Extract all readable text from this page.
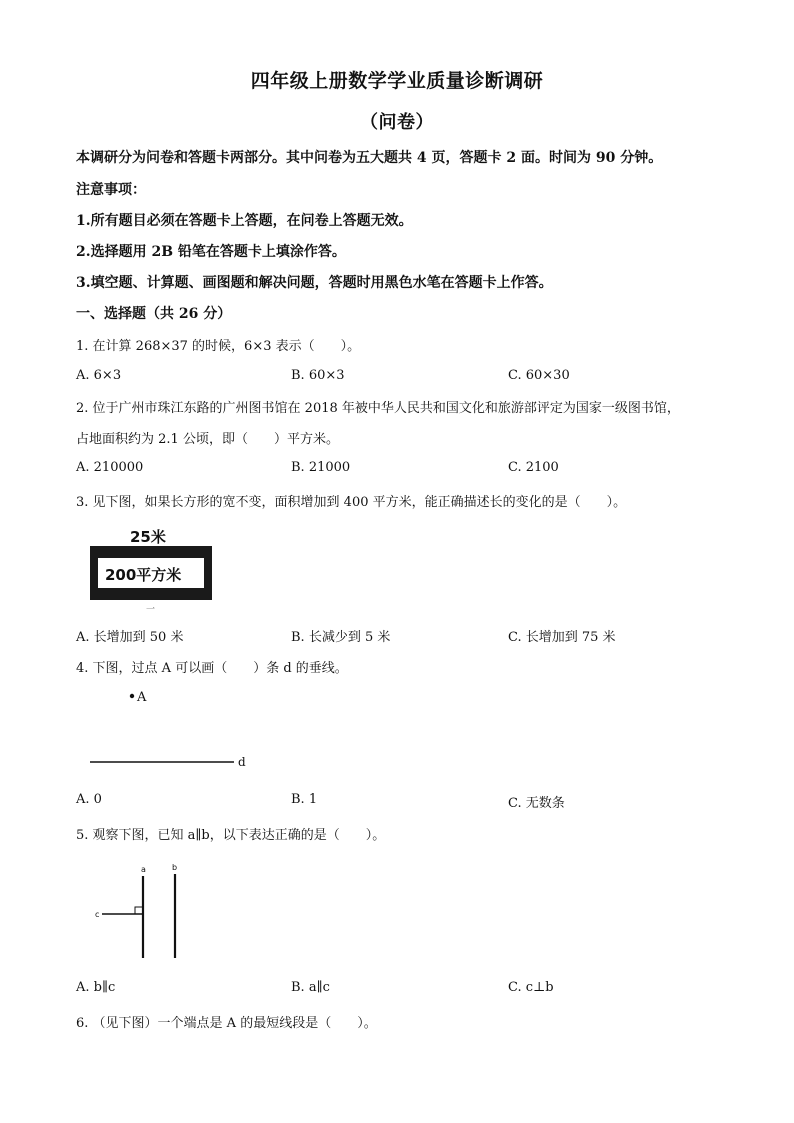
四年级上册数学学业质量诊断调研
（问卷）
本调研分为问卷和答题卡两部分。其中问卷为五大题共 4 页，答题卡 2 面。时间为 90 分钟。
注意事项：
1.所有题目必须在答题卡上答题，在问卷上答题无效。
2.选择题用 2B 铅笔在答题卡上填涂作答。
3.填空题、计算题、画图题和解决问题，答题时用黑色水笔在答题卡上作答。
一、选择题（共 26 分）
1. 在计算 268×37 的时候，6×3 表示（　　）。
A. 6×3	B. 60×3	C. 60×30
2. 位于广州市珠江东路的广州图书馆在 2018 年被中华人民共和国文化和旅游部评定为国家一级图书馆，
占地面积约为 2.1 公顷，即（　　）平方米。
A. 210000	B. 21000	C. 2100
3. 见下图，如果长方形的宽不变，面积增加到 400 平方米，能正确描述长的变化的是（　　）。
25米
200平方米
一
A. 长增加到 50 米	B. 长减少到 5 米	C. 长增加到 75 米
4. 下图，过点 A 可以画（　　）条 d 的垂线。
A
d
A. 0	B. 1	C. 无数条
5. 观察下图，已知 a∥b，以下表达正确的是（　　）。
a	b
c
A. b∥c	B. a∥c	C. c⊥b
6. （见下图）一个端点是 A 的最短线段是（　　）。
